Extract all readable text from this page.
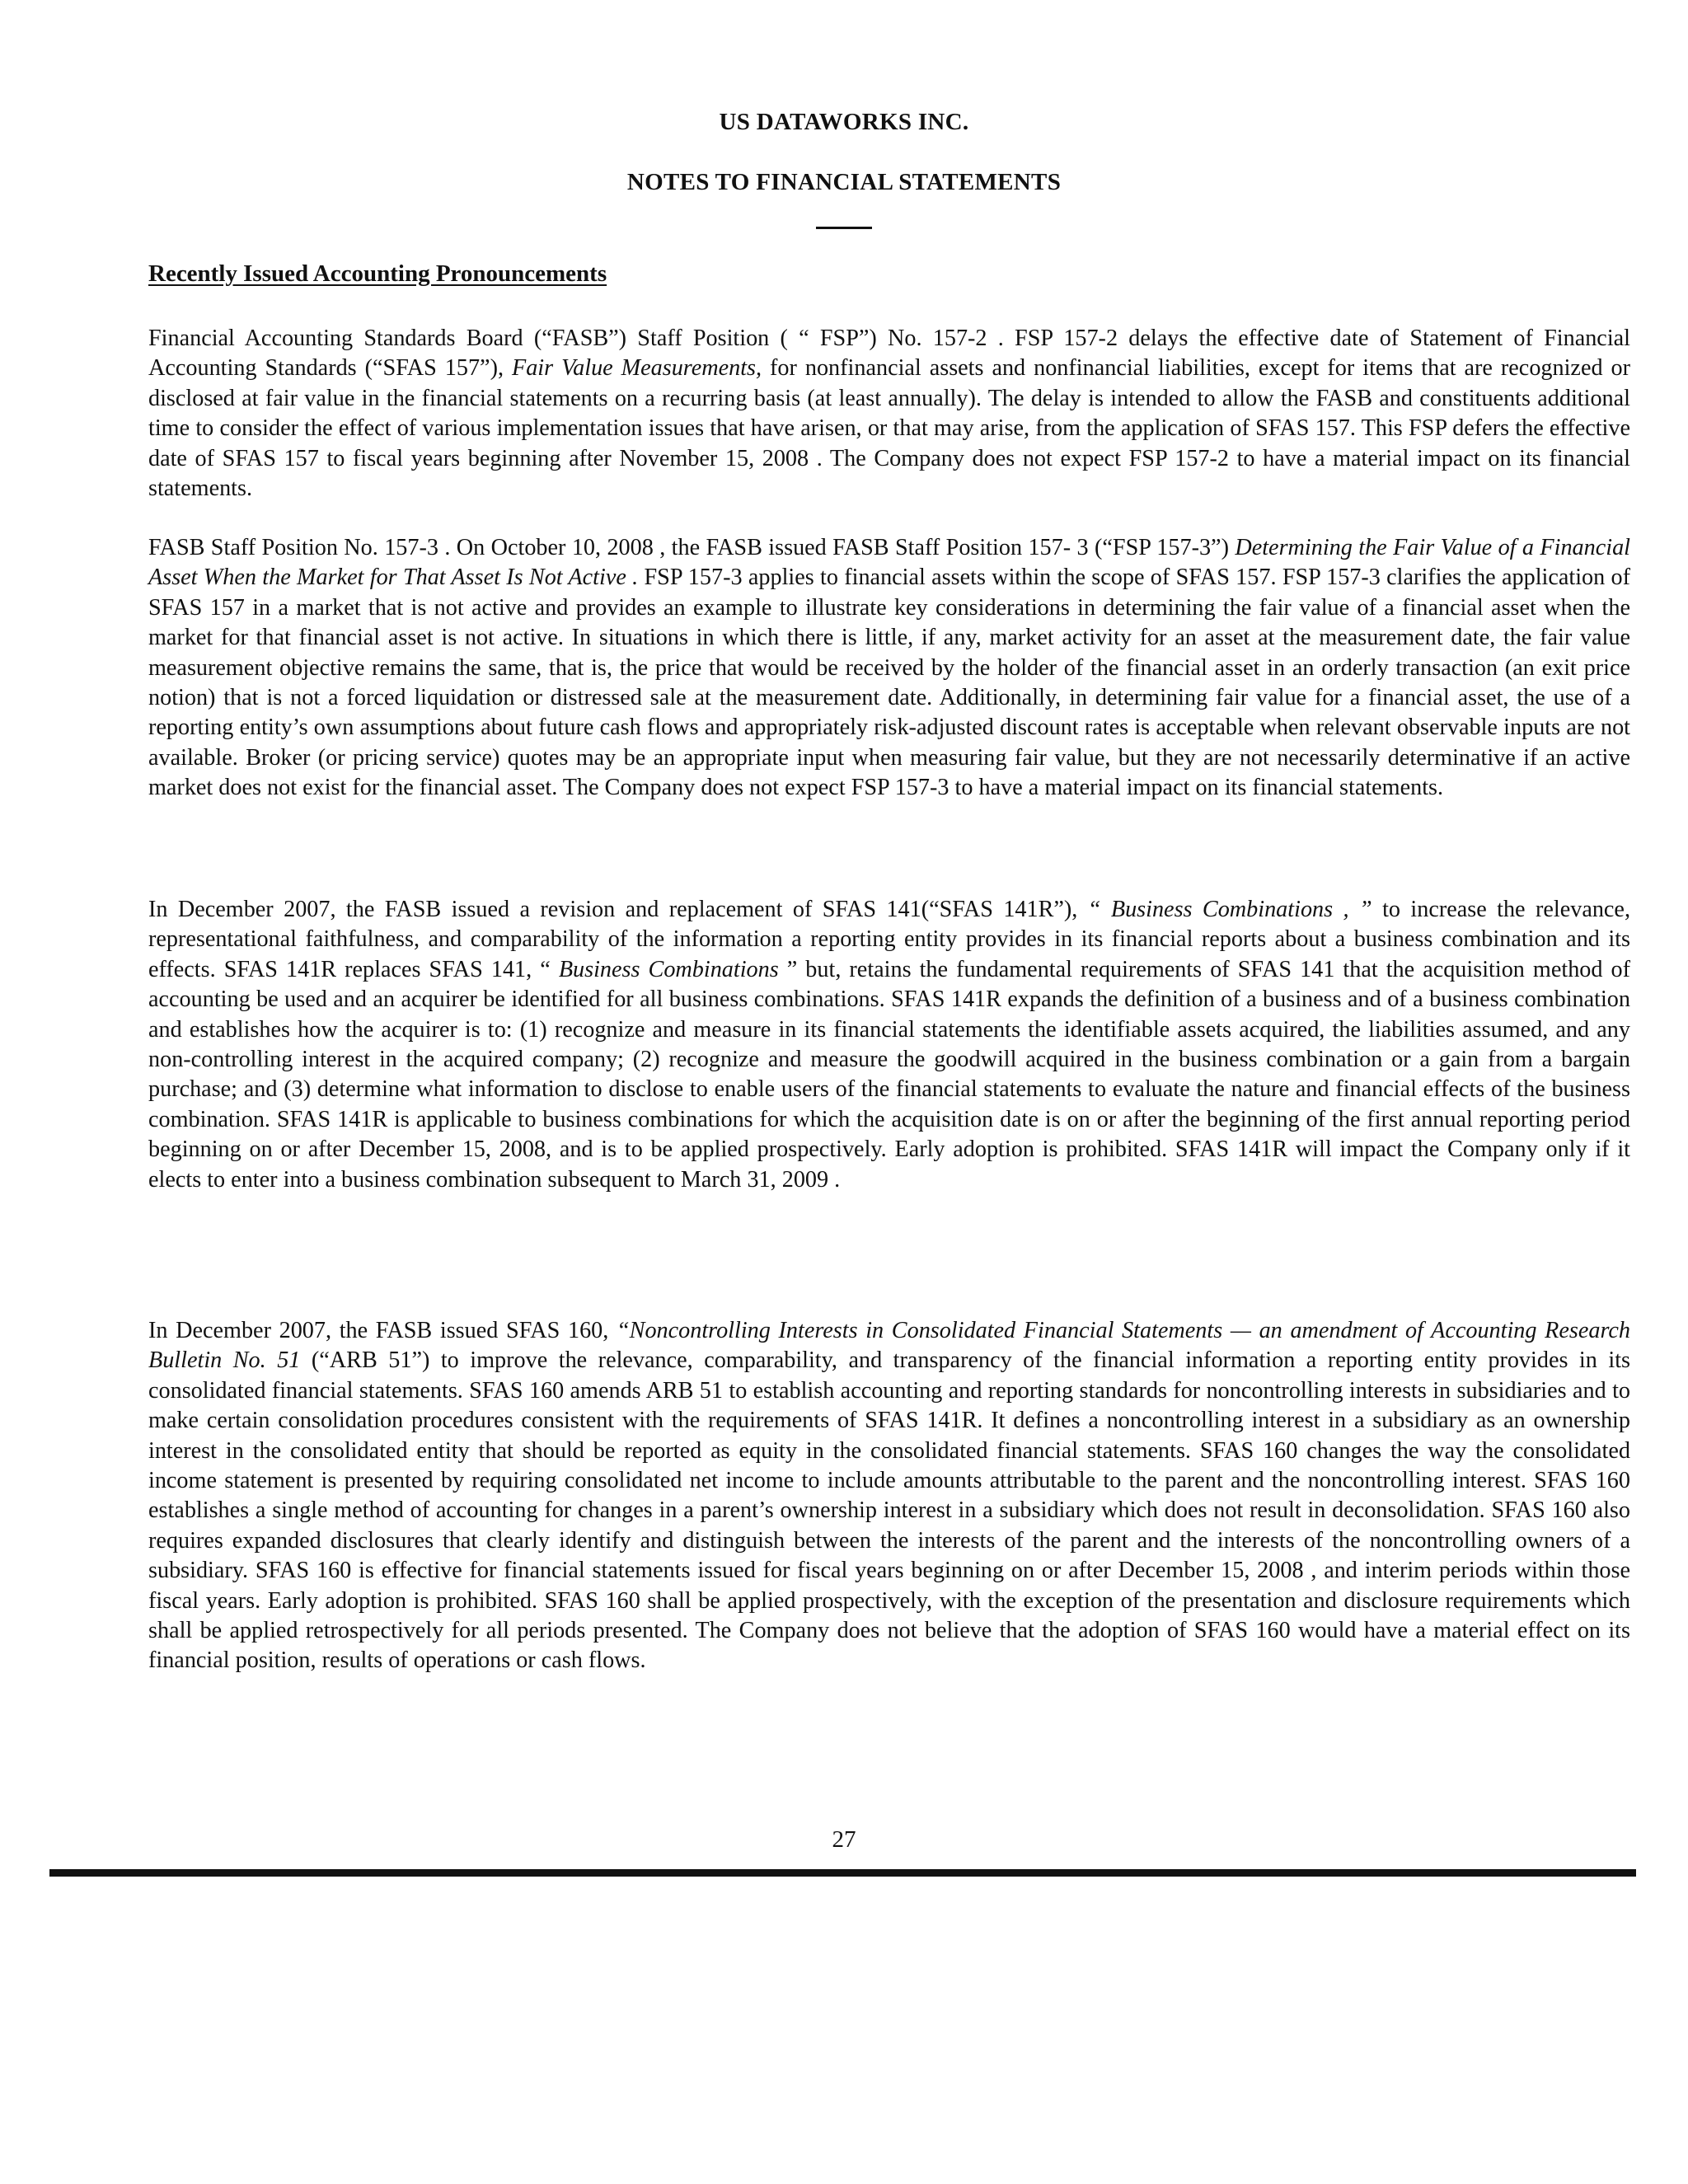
US DATAWORKS INC.
NOTES TO FINANCIAL STATEMENTS
Recently Issued Accounting Pronouncements

Financial Accounting Standards Board (“FASB”) Staff Position ( “ FSP”) No. 157-2 . FSP 157-2 delays the effective date of Statement of Financial Accounting Standards (“SFAS 157”), Fair Value Measurements, for nonfinancial assets and nonfinancial liabilities, except for items that are recognized or disclosed at fair value in the financial statements on a recurring basis (at least annually). The delay is intended to allow the FASB and constituents additional time to consider the effect of various implementation issues that have arisen, or that may arise, from the application of SFAS 157. This FSP defers the effective date of SFAS 157 to fiscal years beginning after November 15, 2008 . The Company does not expect FSP 157-2 to have a material impact on its financial statements.

FASB Staff Position No. 157-3 . On October 10, 2008 , the FASB issued FASB Staff Position 157- 3 (“FSP 157-3”) Determining the Fair Value of a Financial Asset When the Market for That Asset Is Not Active . FSP 157-3 applies to financial assets within the scope of SFAS 157. FSP 157-3 clarifies the application of SFAS 157 in a market that is not active and provides an example to illustrate key considerations in determining the fair value of a financial asset when the market for that financial asset is not active. In situations in which there is little, if any, market activity for an asset at the measurement date, the fair value measurement objective remains the same, that is, the price that would be received by the holder of the financial asset in an orderly transaction (an exit price notion) that is not a forced liquidation or distressed sale at the measurement date. Additionally, in determining fair value for a financial asset, the use of a reporting entity’s own assumptions about future cash flows and appropriately risk-adjusted discount rates is acceptable when relevant observable inputs are not available. Broker (or pricing service) quotes may be an appropriate input when measuring fair value, but they are not necessarily determinative if an active market does not exist for the financial asset. The Company does not expect FSP 157-3 to have a material impact on its financial statements.

In December 2007, the FASB issued a revision and replacement of SFAS 141(“SFAS 141R”), “ Business Combinations , ” to increase the relevance, representational faithfulness, and comparability of the information a reporting entity provides in its financial reports about a business combination and its effects. SFAS 141R replaces SFAS 141, “ Business Combinations ” but, retains the fundamental requirements of SFAS 141 that the acquisition method of accounting be used and an acquirer be identified for all business combinations. SFAS 141R expands the definition of a business and of a business combination and establishes how the acquirer is to: (1) recognize and measure in its financial statements the identifiable assets acquired, the liabilities assumed, and any non-controlling interest in the acquired company; (2) recognize and measure the goodwill acquired in the business combination or a gain from a bargain purchase; and (3) determine what information to disclose to enable users of the financial statements to evaluate the nature and financial effects of the business combination. SFAS 141R is applicable to business combinations for which the acquisition date is on or after the beginning of the first annual reporting period beginning on or after December 15, 2008, and is to be applied prospectively. Early adoption is prohibited. SFAS 141R will impact the Company only if it elects to enter into a business combination subsequent to March 31, 2009 .

In December 2007, the FASB issued SFAS 160, “Noncontrolling Interests in Consolidated Financial Statements — an amendment of Accounting Research Bulletin No. 51 (“ARB 51”) to improve the relevance, comparability, and transparency of the financial information a reporting entity provides in its consolidated financial statements. SFAS 160 amends ARB 51 to establish accounting and reporting standards for noncontrolling interests in subsidiaries and to make certain consolidation procedures consistent with the requirements of SFAS 141R. It defines a noncontrolling interest in a subsidiary as an ownership interest in the consolidated entity that should be reported as equity in the consolidated financial statements. SFAS 160 changes the way the consolidated income statement is presented by requiring consolidated net income to include amounts attributable to the parent and the noncontrolling interest. SFAS 160 establishes a single method of accounting for changes in a parent’s ownership interest in a subsidiary which does not result in deconsolidation. SFAS 160 also requires expanded disclosures that clearly identify and distinguish between the interests of the parent and the interests of the noncontrolling owners of a subsidiary. SFAS 160 is effective for financial statements issued for fiscal years beginning on or after December 15, 2008 , and interim periods within those fiscal years. Early adoption is prohibited. SFAS 160 shall be applied prospectively, with the exception of the presentation and disclosure requirements which shall be applied retrospectively for all periods presented. The Company does not believe that the adoption of SFAS 160 would have a material effect on its financial position, results of operations or cash flows.

27
